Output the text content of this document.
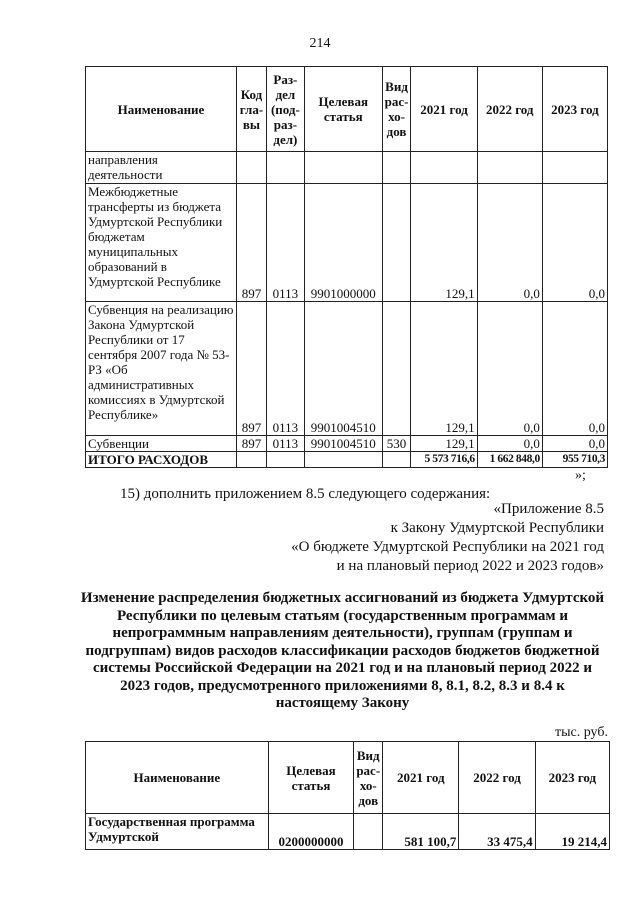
214
Наименование	Код гла- вы	Раз- дел (под- раз- дел)	Целевая статья	Вид рас- хо- дов	2021 год	2022 год	2023 год
направления деятельности							
Межбюджетные трансферты из бюджета Удмуртской Республики бюджетам муниципальных образований в Удмуртской Республике	897	0113	9901000000		129,1	0,0	0,0
Субвенция на реализацию Закона Удмуртской Республики от 17 сентября 2007 года № 53-РЗ «Об административных комиссиях в Удмуртской Республике»	897	0113	9901004510		129,1	0,0	0,0
Субвенции	897	0113	9901004510	530	129,1	0,0	0,0
ИТОГО РАСХОДОВ					5 573 716,6	1 662 848,0	955 710,3
»;
15) дополнить приложением 8.5 следующего содержания:
«Приложение 8.5
к Закону Удмуртской Республики
«О бюджете Удмуртской Республики на 2021 год
и на плановый период 2022 и 2023 годов»
Изменение распределения бюджетных ассигнований из бюджета Удмуртской Республики по целевым статьям (государственным программам и непрограммным направлениям деятельности), группам (группам и подгруппам) видов расходов классификации расходов бюджетов бюджетной системы Российской Федерации на 2021 год и на плановый период 2022 и 2023 годов, предусмотренного приложениями 8, 8.1, 8.2, 8.3 и 8.4 к настоящему Закону
тыс. руб.
Наименование	Целевая статья	Вид рас- хо- дов	2021 год	2022 год	2023 год
Государственная программа Удмуртской	0200000000		581 100,7	33 475,4	19 214,4
